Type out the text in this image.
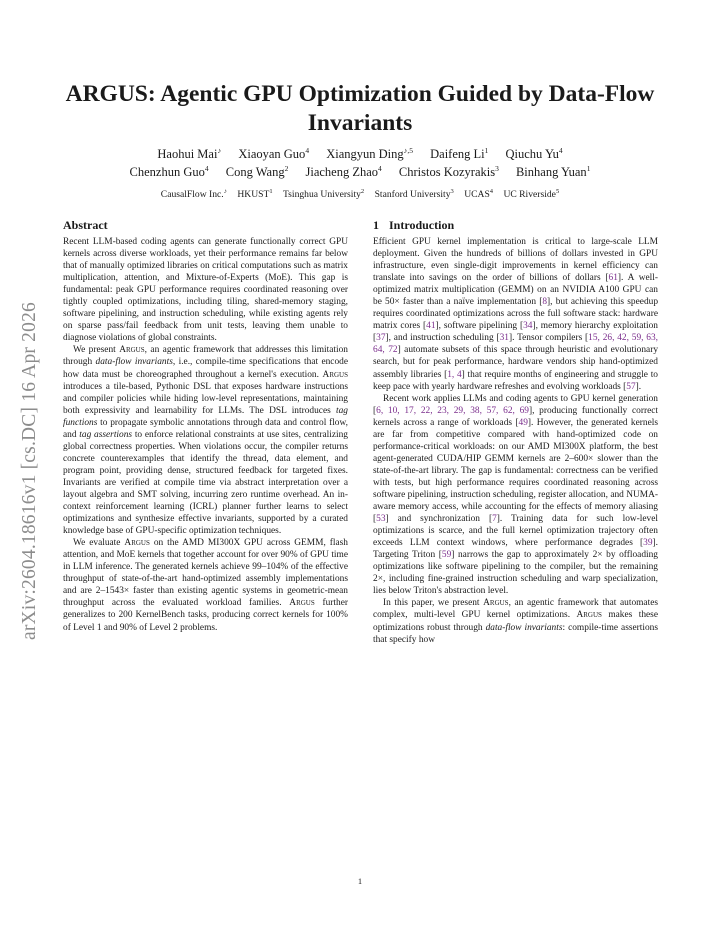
arXiv:2604.18616v1 [cs.DC] 16 Apr 2026
ARGUS: Agentic GPU Optimization Guided by Data-Flow Invariants
Haohui Mai♪ Xiaoyan Guo$^4$ Xiangyun Ding$^{♪,5}$ Daifeng Li$^1$ Qiuchu Yu$^4$
Chenzhun Guo$^4$ Cong Wang$^2$ Jiacheng Zhao$^4$ Christos Kozyrakis$^3$ Binhang Yuan$^1$
CausalFlow Inc.♪ HKUST$^1$ Tsinghua University$^2$ Stanford University$^3$ UCAS$^4$ UC Riverside$^5$
Abstract

Recent LLM-based coding agents can generate functionally correct GPU kernels across diverse workloads, yet their performance remains far below that of manually optimized libraries on critical computations such as matrix multiplication, attention, and Mixture-of-Experts (MoE). This gap is fundamental: peak GPU performance requires coordinated reasoning over tightly coupled optimizations, including tiling, shared-memory staging, software pipelining, and instruction scheduling, while existing agents rely on sparse pass/fail feedback from unit tests, leaving them unable to diagnose violations of global constraints.

We present Argus, an agentic framework that addresses this limitation through data-flow invariants, i.e., compile-time specifications that encode how data must be choreographed throughout a kernel's execution. Argus introduces a tile-based, Pythonic DSL that exposes hardware instructions and compiler policies while hiding low-level representations, maintaining both expressivity and learnability for LLMs. The DSL introduces tag functions to propagate symbolic annotations through data and control flow, and tag assertions to enforce relational constraints at use sites, centralizing global correctness properties. When violations occur, the compiler returns concrete counterexamples that identify the thread, data element, and program point, providing dense, structured feedback for targeted fixes. Invariants are verified at compile time via abstract interpretation over a layout algebra and SMT solving, incurring zero runtime overhead. An in-context reinforcement learning (ICRL) planner further learns to select optimizations and synthesize effective invariants, supported by a curated knowledge base of GPU-specific optimization techniques.

We evaluate Argus on the AMD MI300X GPU across GEMM, flash attention, and MoE kernels that together account for over 90% of GPU time in LLM inference. The generated kernels achieve 99–104% of the effective throughput of state-of-the-art hand-optimized assembly implementations and are 2–1543× faster than existing agentic systems in geometric-mean throughput across the evaluated workload families. Argus further generalizes to 200 KernelBench tasks, producing correct kernels for 100% of Level 1 and 90% of Level 2 problems.

1 Introduction

Efficient GPU kernel implementation is critical to large-scale LLM deployment. Given the hundreds of billions of dollars invested in GPU infrastructure, even single-digit improvements in kernel efficiency can translate into savings on the order of billions of dollars [61]. A well-optimized matrix multiplication (GEMM) on an NVIDIA A100 GPU can be 50× faster than a naïve implementation [8], but achieving this speedup requires coordinated optimizations across the full software stack: hardware matrix cores [41], software pipelining [34], memory hierarchy exploitation [37], and instruction scheduling [31]. Tensor compilers [15, 26, 42, 59, 63, 64, 72] automate subsets of this space through heuristic and evolutionary search, but for peak performance, hardware vendors ship hand-optimized assembly libraries [1, 4] that require months of engineering and struggle to keep pace with yearly hardware refreshes and evolving workloads [57].

Recent work applies LLMs and coding agents to GPU kernel generation [6, 10, 17, 22, 23, 29, 38, 57, 62, 69], producing functionally correct kernels across a range of workloads [49]. However, the generated kernels are far from competitive compared with hand-optimized code on performance-critical workloads: on our AMD MI300X platform, the best agent-generated CUDA/HIP GEMM kernels are 2–600× slower than the state-of-the-art library. The gap is fundamental: correctness can be verified with tests, but high performance requires coordinated reasoning across software pipelining, instruction scheduling, register allocation, and NUMA-aware memory access, while accounting for the effects of memory aliasing [53] and synchronization [7]. Training data for such low-level optimizations is scarce, and the full kernel optimization trajectory often exceeds LLM context windows, where performance degrades [39]. Targeting Triton [59] narrows the gap to approximately 2× by offloading optimizations like software pipelining to the compiler, but the remaining 2×, including fine-grained instruction scheduling and warp specialization, lies below Triton's abstraction level.

In this paper, we present Argus, an agentic framework that automates complex, multi-level GPU kernel optimizations. Argus makes these optimizations robust through data-flow invariants: compile-time assertions that specify how

1
